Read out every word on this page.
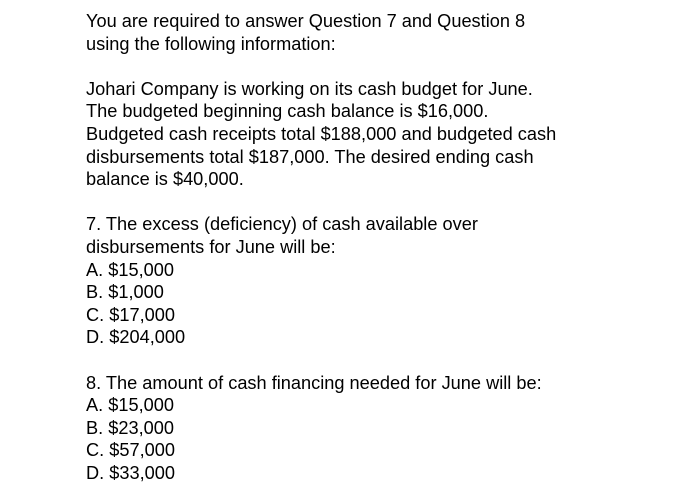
You are required to answer Question 7 and Question 8
using the following information:

Johari Company is working on its cash budget for June.
The budgeted beginning cash balance is $16,000.
Budgeted cash receipts total $188,000 and budgeted cash
disbursements total $187,000. The desired ending cash
balance is $40,000.

7. The excess (deficiency) of cash available over
disbursements for June will be:
A. $15,000
B. $1,000
C. $17,000
D. $204,000
8. The amount of cash financing needed for June will be:
A. $15,000
B. $23,000
C. $57,000
D. $33,000
